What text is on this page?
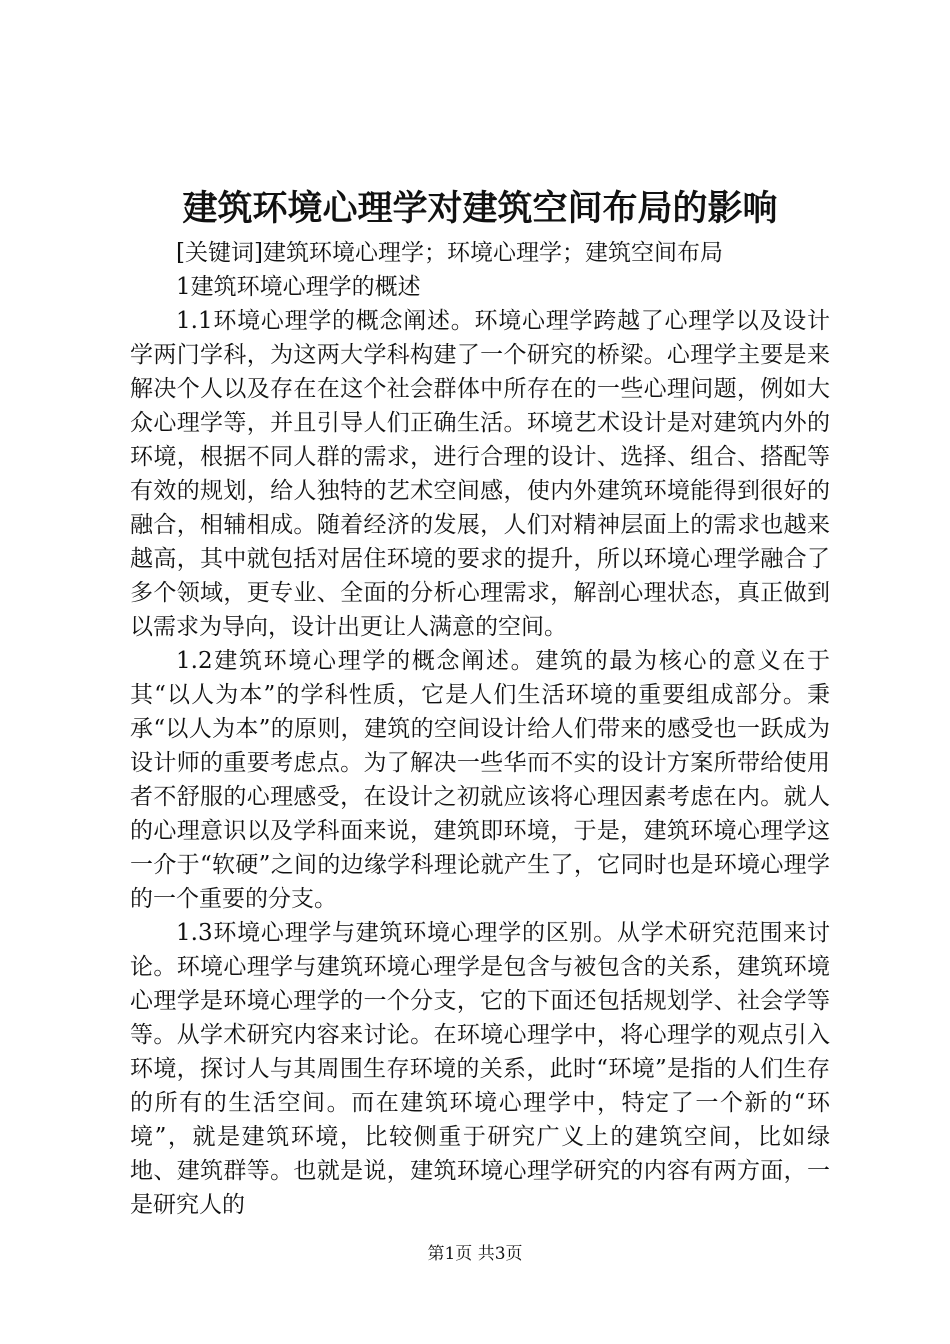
建筑环境心理学对建筑空间布局的影响

[关键词]建筑环境心理学；环境心理学；建筑空间布局

1建筑环境心理学的概述

1.1环境心理学的概念阐述。环境心理学跨越了心理学以及设计学两门学科，为这两大学科构建了一个研究的桥梁。心理学主要是来解决个人以及存在在这个社会群体中所存在的一些心理问题，例如大众心理学等，并且引导人们正确生活。环境艺术设计是对建筑内外的环境，根据不同人群的需求，进行合理的设计、选择、组合、搭配等有效的规划，给人独特的艺术空间感，使内外建筑环境能得到很好的融合，相辅相成。随着经济的发展，人们对精神层面上的需求也越来越高，其中就包括对居住环境的要求的提升，所以环境心理学融合了多个领域，更专业、全面的分析心理需求，解剖心理状态，真正做到以需求为导向，设计出更让人满意的空间。

1.2建筑环境心理学的概念阐述。建筑的最为核心的意义在于其“以人为本”的学科性质，它是人们生活环境的重要组成部分。秉承“以人为本”的原则，建筑的空间设计给人们带来的感受也一跃成为设计师的重要考虑点。为了解决一些华而不实的设计方案所带给使用者不舒服的心理感受，在设计之初就应该将心理因素考虑在内。就人的心理意识以及学科面来说，建筑即环境，于是，建筑环境心理学这一介于“软硬”之间的边缘学科理论就产生了，它同时也是环境心理学的一个重要的分支。

1.3环境心理学与建筑环境心理学的区别。从学术研究范围来讨论。环境心理学与建筑环境心理学是包含与被包含的关系，建筑环境心理学是环境心理学的一个分支，它的下面还包括规划学、社会学等等。从学术研究内容来讨论。在环境心理学中，将心理学的观点引入环境，探讨人与其周围生存环境的关系，此时“环境”是指的人们生存的所有的生活空间。而在建筑环境心理学中，特定了一个新的“环境”，就是建筑环境，比较侧重于研究广义上的建筑空间，比如绿地、建筑群等。也就是说，建筑环境心理学研究的内容有两方面，一是研究人的

第1页 共3页
